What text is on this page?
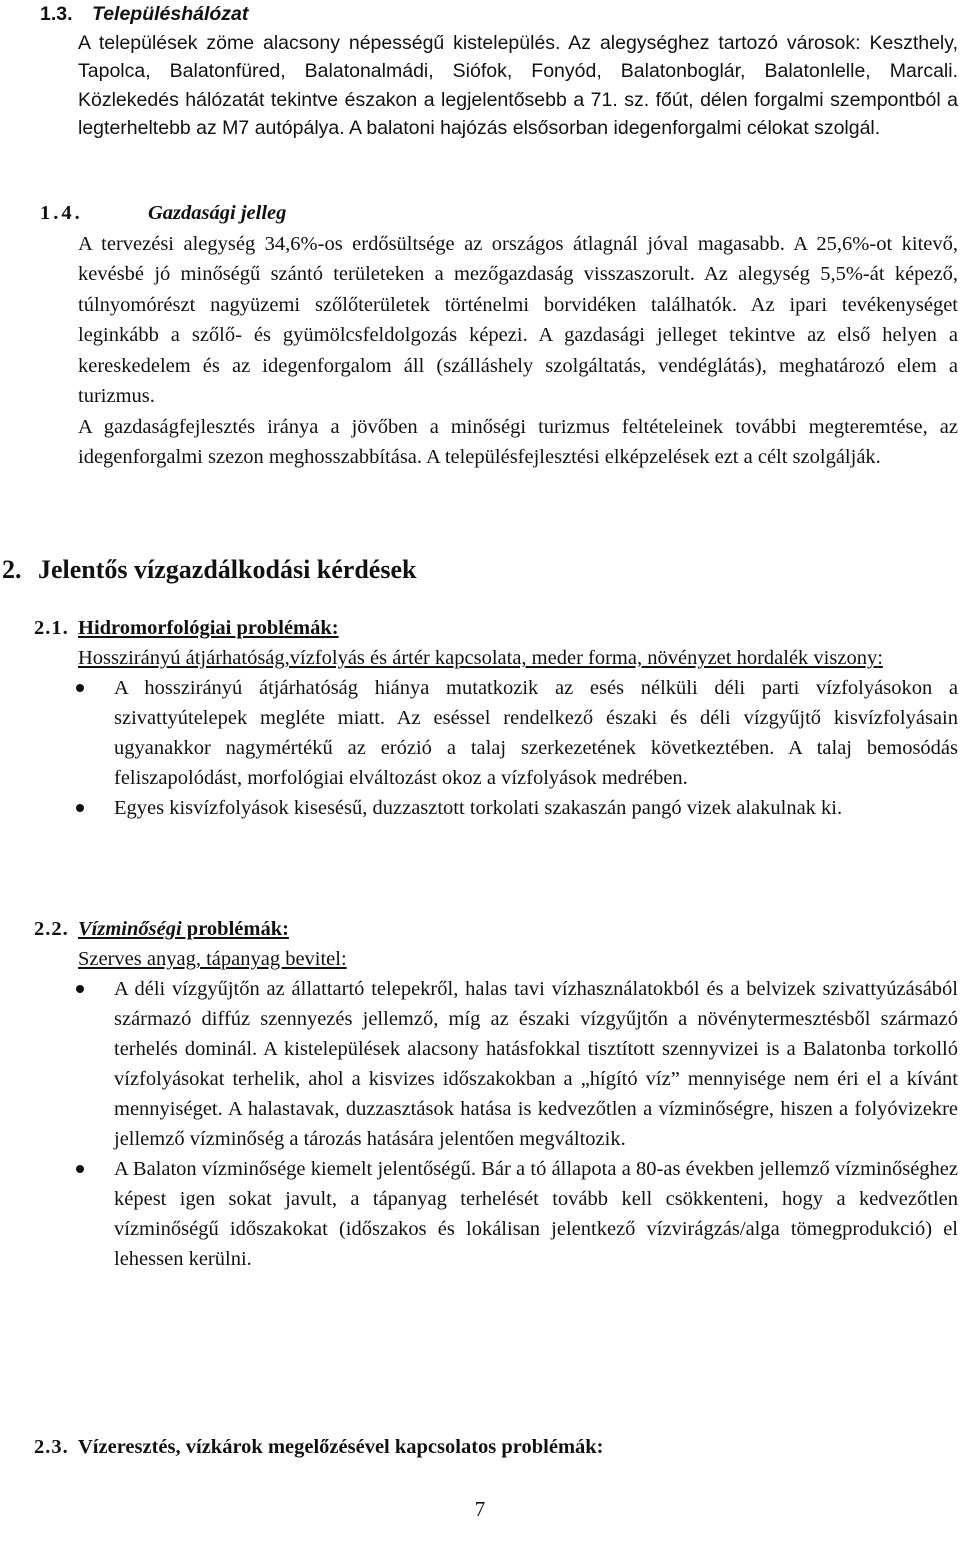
1.3. Településhálózat
A települések zöme alacsony népességű kistelepülés. Az alegységhez tartozó városok: Keszthely, Tapolca, Balatonfüred, Balatonalmádi, Siófok, Fonyód, Balatonboglár, Balatonlelle, Marcali. Közlekedés hálózatát tekintve északon a legjelentősebb a 71. sz. főút, délen forgalmi szempontból a legterheltebb az M7 autópálya. A balatoni hajózás elsősorban idegenforgalmi célokat szolgál.
1.4.	Gazdasági jelleg
A tervezési alegység 34,6%-os erdősültsége az országos átlagnál jóval magasabb. A 25,6%-ot kitevő, kevésbé jó minőségű szántó területeken a mezőgazdaság visszaszorult. Az alegység 5,5%-át képező, túlnyomórészt nagyüzemi szőlőterületek történelmi borvidéken találhatók. Az ipari tevékenységet leginkább a szőlő- és gyümölcsfeldolgozás képezi. A gazdasági jelleget tekintve az első helyen a kereskedelem és az idegenforgalom áll (szálláshely szolgáltatás, vendéglátás), meghatározó elem a turizmus.
A gazdaságfejlesztés iránya a jövőben a minőségi turizmus feltételeinek további megteremtése, az idegenforgalmi szezon meghosszabbítása. A településfejlesztési elképzelések ezt a célt szolgálják.
2. Jelentős vízgazdálkodási kérdések
2.1. Hidromorfológiai problémák:
Hosszirányú átjárhatóság,vízfolyás és ártér kapcsolata, meder forma, növényzet hordalék viszony:
A hosszirányú átjárhatóság hiánya mutatkozik az esés nélküli déli parti vízfolyásokon a szivattyútelepek megléte miatt. Az eséssel rendelkező északi és déli vízgyűjtő kisvízfolyásain ugyanakkor nagymértékű az erózió a talaj szerkezetének következtében. A talaj bemosódás feliszapolódást, morfológiai elváltozást okoz a vízfolyások medrében.
Egyes kisvízfolyások kisesésű, duzzasztott torkolati szakaszán pangó vizek alakulnak ki.
2.2. Vízminőségi problémák:
Szerves anyag, tápanyag bevitel:
A déli vízgyűjtőn az állattartó telepekről, halas tavi vízhasználatokból és a belvizek szivattyúzásából származó diffúz szennyezés jellemző, míg az északi vízgyűjtőn a növénytermesztésből származó terhelés dominál. A kistelepülések alacsony hatásfokkal tisztított szennyvizei is a Balatonba torkolló vízfolyásokat terhelik, ahol a kisvizes időszakokban a „hígító víz” mennyisége nem éri el a kívánt mennyiséget. A halastavak, duzzasztások hatása is kedvezőtlen a vízminőségre, hiszen a folyóvizekre jellemző vízminőség a tározás hatására jelentően megváltozik.
A Balaton vízminősége kiemelt jelentőségű. Bár a tó állapota a 80-as években jellemző vízminőséghez képest igen sokat javult, a tápanyag terhelését tovább kell csökkenteni, hogy a kedvezőtlen vízminőségű időszakokat (időszakos és lokálisan jelentkező vízvirágzás/alga tömegprodukció) el lehessen kerülni.
2.3. Vízeresztés, vízkárok megelőzésével kapcsolatos problémák:
7
